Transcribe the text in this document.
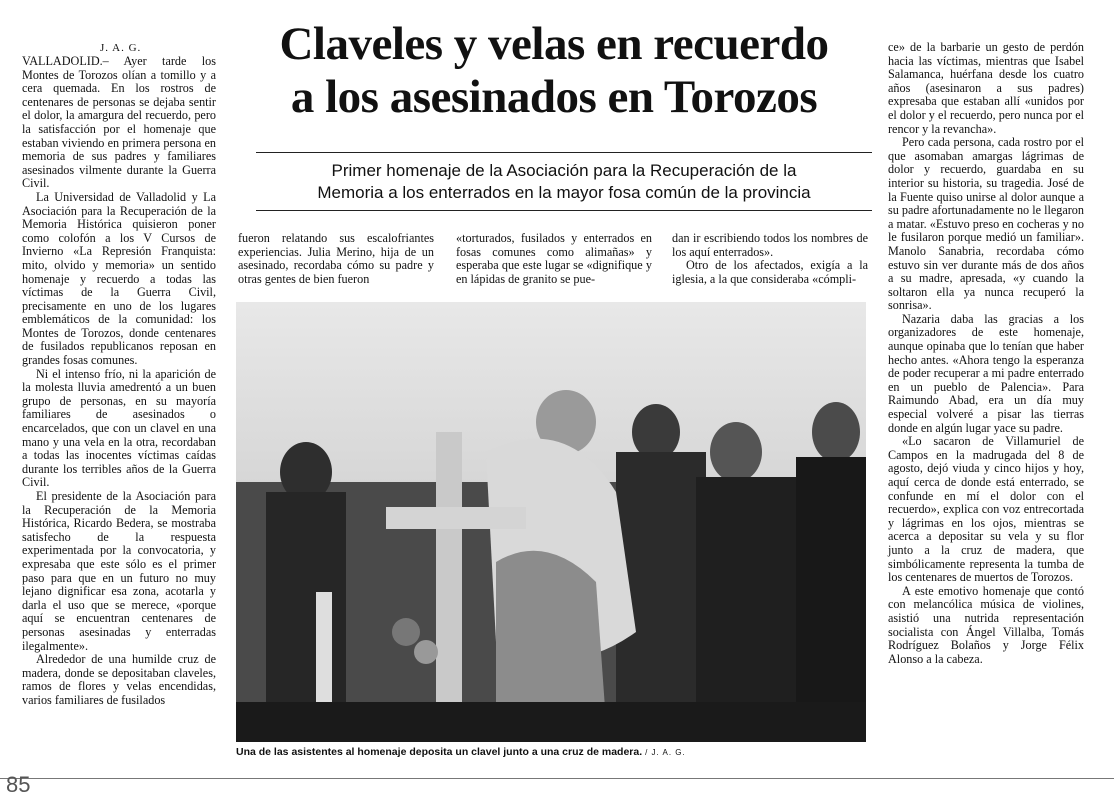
J. A. G.	Claveles y velas en recuerdo
a los asesinados en Torozos
Primer homenaje de la Asociación para la Recuperación de la
Memoria a los enterrados en la mayor fosa común de la provincia

VALLADOLID.– Ayer tarde los Montes de Torozos olían a tomillo y a cera quemada. En los rostros de centenares de personas se dejaba sentir el dolor, la amargura del recuerdo, pero la satisfacción por el homenaje que estaban viviendo en primera persona en memoria de sus padres y familiares asesinados vilmente durante la Guerra Civil.

La Universidad de Valladolid y La Asociación para la Recuperación de la Memoria Histórica quisieron poner como colofón a los V Cursos de Invierno «La Represión Franquista: mito, olvido y memoria» un sentido homenaje y recuerdo a todas las víctimas de la Guerra Civil, precisamente en uno de los lugares emblemáticos de la comunidad: los Montes de Torozos, donde centenares de fusilados republicanos reposan en grandes fosas comunes.

Ni el intenso frío, ni la aparición de la molesta lluvia amedrentó a un buen grupo de personas, en su mayoría familiares de asesinados o encarcelados, que con un clavel en una mano y una vela en la otra, recordaban a todas las inocentes víctimas caídas durante los terribles años de la Guerra Civil.

El presidente de la Asociación para la Recuperación de la Memoria Histórica, Ricardo Bedera, se mostraba satisfecho de la respuesta experimentada por la convocatoria, y expresaba que este sólo es el primer paso para que en un futuro no muy lejano dignificar esa zona, acotarla y darla el uso que se merece, «porque aquí se encuentran centenares de personas asesinadas y enterradas ilegalmente».

Alrededor de una humilde cruz de madera, donde se depositaban claveles, ramos de flores y velas encendidas, varios familiares de fusilados

fueron relatando sus escalofriantes experiencias. Julia Merino, hija de un asesinado, recordaba cómo su padre y otras gentes de bien fueron

«torturados, fusilados y enterrados en fosas comunes como alimañas» y esperaba que este lugar se «dignifique y en lápidas de granito se pue-

dan ir escribiendo todos los nombres de los aquí enterrados».

Otro de los afectados, exigía a la iglesia, a la que consideraba «cómpli-

ce» de la barbarie un gesto de perdón hacia las víctimas, mientras que Isabel Salamanca, huérfana desde los cuatro años (asesinaron a sus padres) expresaba que estaban allí «unidos por el dolor y el recuerdo, pero nunca por el rencor y la revancha».

Pero cada persona, cada rostro por el que asomaban amargas lágrimas de dolor y recuerdo, guardaba en su interior su historia, su tragedia. José de la Fuente quiso unirse al dolor aunque a su padre afortunadamente no le llegaron a matar. «Estuvo preso en cocheras y no le fusilaron porque medió un familiar». Manolo Sanabria, recordaba cómo estuvo sin ver durante más de dos años a su madre, apresada, «y cuando la soltaron ella ya nunca recuperó la sonrisa».

Nazaria daba las gracias a los organizadores de este homenaje, aunque opinaba que lo tenían que haber hecho antes. «Ahora tengo la esperanza de poder recuperar a mi padre enterrado en un pueblo de Palencia». Para Raimundo Abad, era un día muy especial volveré a pisar las tierras donde en algún lugar yace su padre.

«Lo sacaron de Villamuriel de Campos en la madrugada del 8 de agosto, dejó viuda y cinco hijos y hoy, aquí cerca de donde está enterrado, se confunde en mí el dolor con el recuerdo», explica con voz entrecortada y lágrimas en los ojos, mientras se acerca a depositar su vela y su flor junto a la cruz de madera, que simbólicamente representa la tumba de los centenares de muertos de Torozos.

A este emotivo homenaje que contó con melancólica música de violines, asistió una nutrida representación socialista con Ángel Villalba, Tomás Rodríguez Bolaños y Jorge Félix Alonso a la cabeza.

Una de las asistentes al homenaje deposita un clavel junto a una cruz de madera. / J. A. G.
85
